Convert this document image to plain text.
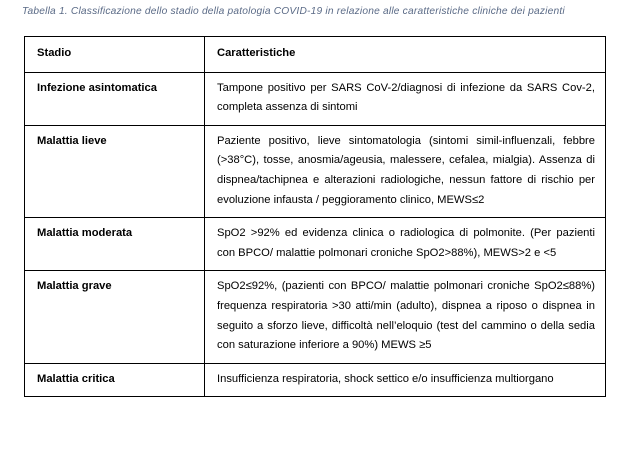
Tabella 1. Classificazione dello stadio della patologia COVID-19 in relazione alle caratteristiche cliniche dei pazienti
Stadio	Caratteristiche
Infezione asintomatica	Tampone positivo per SARS CoV-2/diagnosi di infezione da SARS Cov-2, completa assenza di sintomi
Malattia lieve	Paziente positivo, lieve sintomatologia (sintomi simil-influenzali, febbre (>38°C), tosse, anosmia/ageusia, malessere, cefalea, mialgia). Assenza di dispnea/tachipnea e alterazioni radiologiche, nessun fattore di rischio per evoluzione infausta / peggioramento clinico, MEWS≤2
Malattia moderata	SpO2 >92% ed evidenza clinica o radiologica di polmonite. (Per pazienti con BPCO/ malattie polmonari croniche SpO2>88%), MEWS>2 e <5
Malattia grave	SpO2≤92%, (pazienti con BPCO/ malattie polmonari croniche SpO2≤88%) frequenza respiratoria >30 atti/min (adulto), dispnea a riposo o dispnea in seguito a sforzo lieve, difficoltà nell’eloquio (test del cammino o della sedia con saturazione inferiore a 90%) MEWS ≥5
Malattia critica	Insufficienza respiratoria, shock settico e/o insufficienza multiorgano
